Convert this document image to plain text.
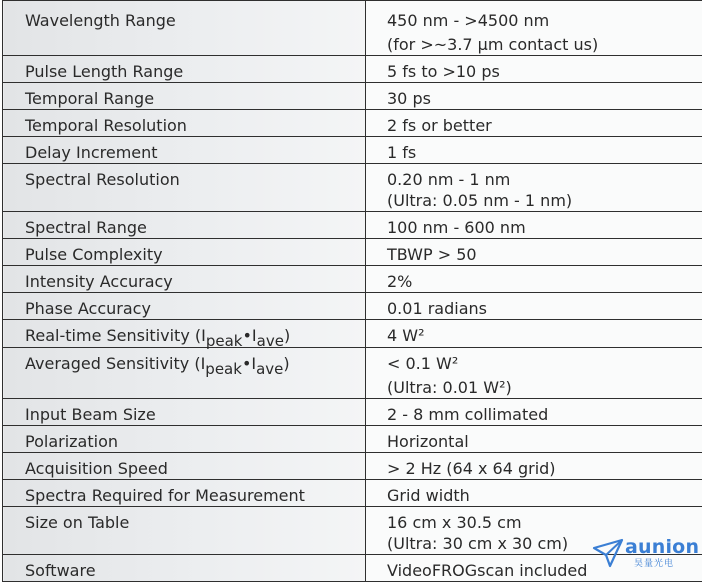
Wavelength Range	450 nm - >4500 nm
(for >~3.7 µm contact us)

Pulse Length Range	5 fs to >10 ps

Temporal Range	30 ps

Temporal Resolution	2 fs or better

Delay Increment	1 fs

Spectral Resolution	0.20 nm - 1 nm
(Ultra: 0.05 nm - 1 nm)

Spectral Range	100 nm - 600 nm

Pulse Complexity	TBWP > 50

Intensity Accuracy	2%

Phase Accuracy	0.01 radians

Real-time Sensitivity (Ipeak•Iave)	4 W²

Averaged Sensitivity (Ipeak•Iave)	< 0.1 W²
(Ultra: 0.01 W²)

Input Beam Size	2 - 8 mm collimated

Polarization	Horizontal

Acquisition Speed	> 2 Hz (64 x 64 grid)

Spectra Required for Measurement	Grid width

Size on Table	16 cm x 30.5 cm
(Ultra: 30 cm x 30 cm)

Software	VideoFROGscan included
aunion
昊量光电
